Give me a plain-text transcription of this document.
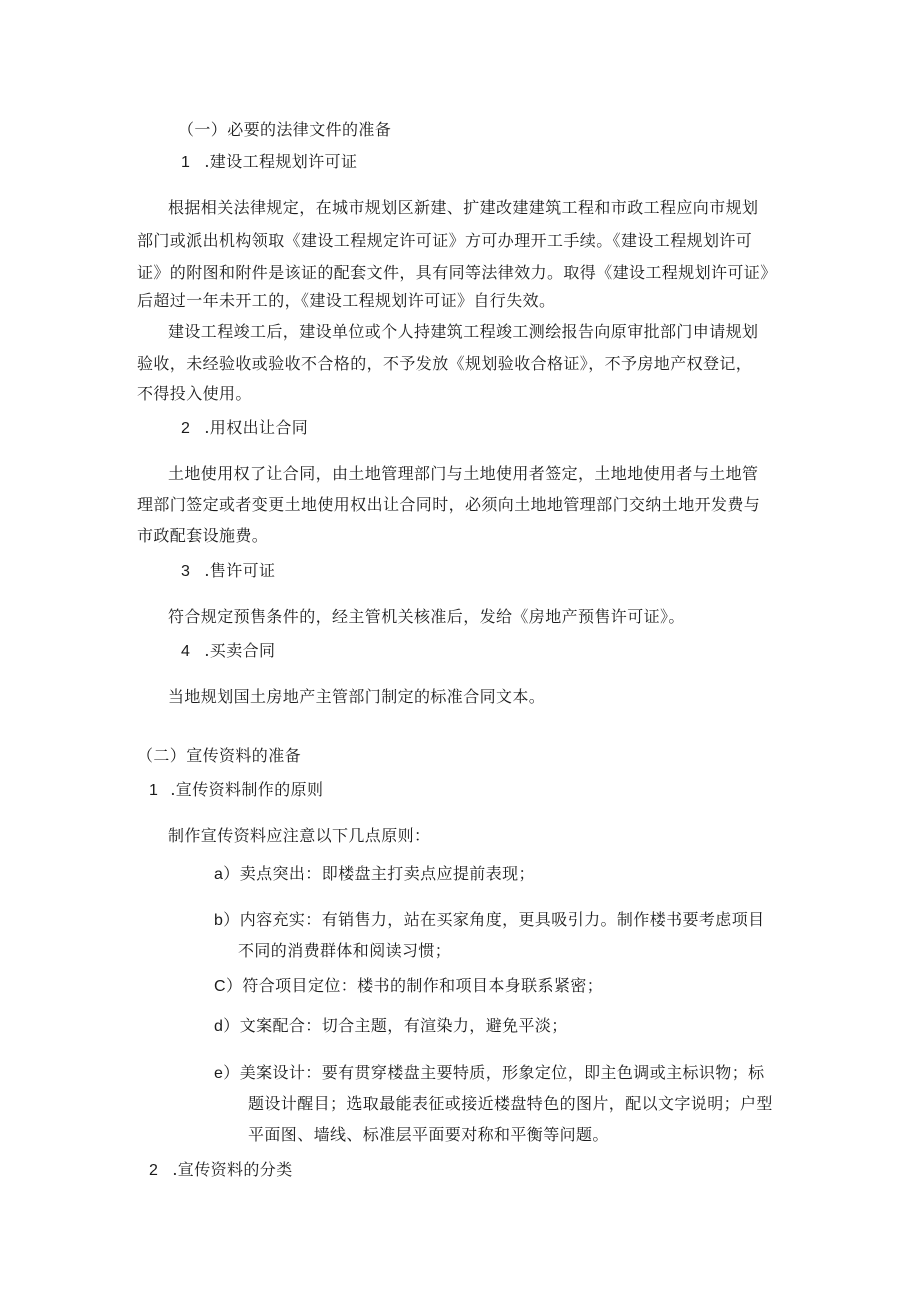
（一）必要的法律文件的准备
1 .建设工程规划许可证
根据相关法律规定，在城市规划区新建、扩建改建建筑工程和市政工程应向市规划
部门或派出机构领取《建设工程规定许可证》方可办理开工手续。《建设工程规划许可
证》的附图和附件是该证的配套文件，具有同等法律效力。取得《建设工程规划许可证》
后超过一年未开工的，《建设工程规划许可证》自行失效。
建设工程竣工后，建设单位或个人持建筑工程竣工测绘报告向原审批部门申请规划
验收，未经验收或验收不合格的，不予发放《规划验收合格证》，不予房地产权登记，
不得投入使用。
2 .用权出让合同
土地使用权了让合同，由土地管理部门与土地使用者签定，土地地使用者与土地管
理部门签定或者变更土地使用权出让合同时，必须向土地地管理部门交纳土地开发费与
市政配套设施费。
3 .售许可证
符合规定预售条件的，经主管机关核准后，发给《房地产预售许可证》。
4 .买卖合同
当地规划国土房地产主管部门制定的标准合同文本。
（二）宣传资料的准备
1 .宣传资料制作的原则
制作宣传资料应注意以下几点原则：
a）卖点突出：即楼盘主打卖点应提前表现；
b）内容充实：有销售力，站在买家角度，更具吸引力。制作楼书要考虑项目
不同的消费群体和阅读习惯；
C）符合项目定位：楼书的制作和项目本身联系紧密；
d）文案配合：切合主题，有渲染力，避免平淡；
e）美案设计：要有贯穿楼盘主要特质，形象定位，即主色调或主标识物；标
题设计醒目；选取最能表征或接近楼盘特色的图片，配以文字说明；户型
平面图、墙线、标准层平面要对称和平衡等问题。
2 .宣传资料的分类
